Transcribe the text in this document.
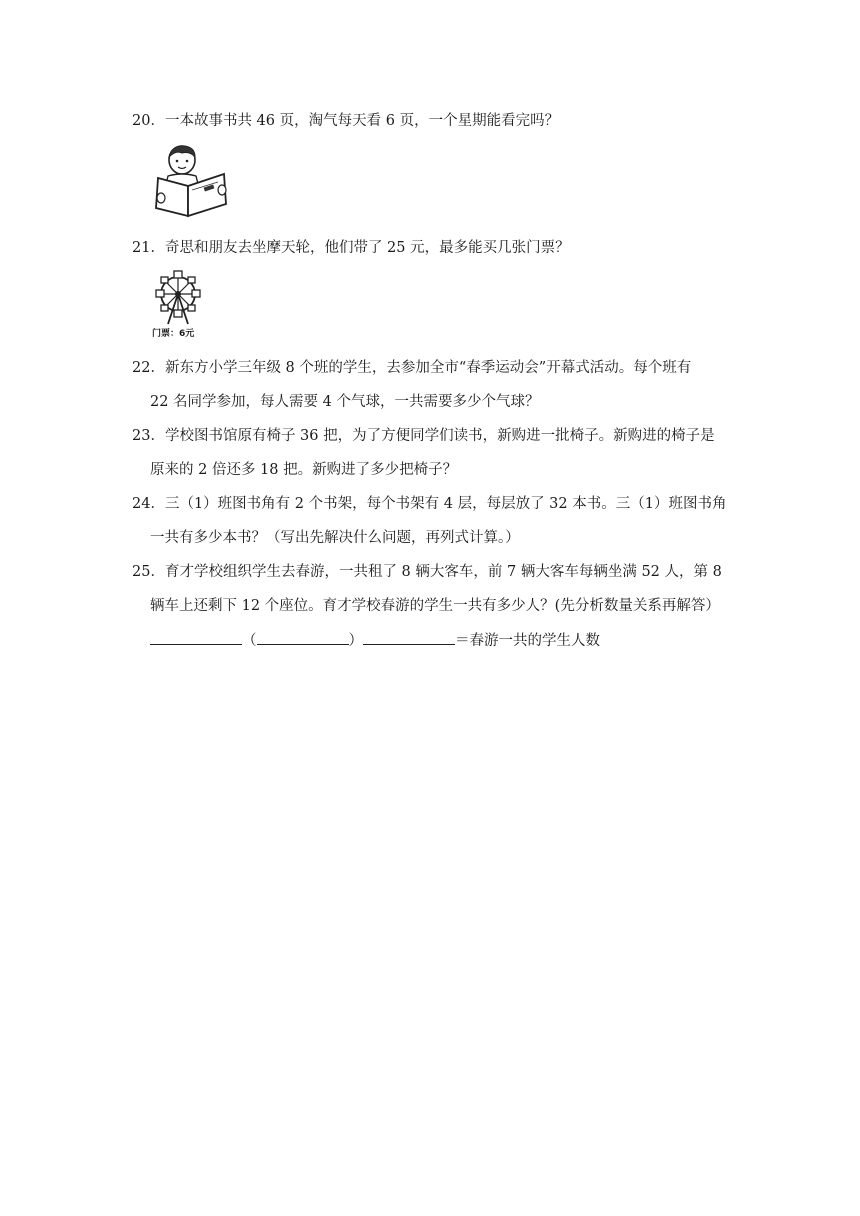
20．一本故事书共 46 页，淘气每天看 6 页，一个星期能看完吗？
21．奇思和朋友去坐摩天轮，他们带了 25 元，最多能买几张门票？
门票：6元
22．新东方小学三年级 8 个班的学生，去参加全市“春季运动会”开幕式活动。每个班有
22 名同学参加，每人需要 4 个气球，一共需要多少个气球？
23．学校图书馆原有椅子 36 把，为了方便同学们读书，新购进一批椅子。新购进的椅子是
原来的 2 倍还多 18 把。新购进了多少把椅子？
24．三（1）班图书角有 2 个书架，每个书架有 4 层，每层放了 32 本书。三（1）班图书角
一共有多少本书？（写出先解决什么问题，再列式计算。）
25．育才学校组织学生去春游，一共租了 8 辆大客车，前 7 辆大客车每辆坐满 52 人，第 8
辆车上还剩下 12 个座位。育才学校春游的学生一共有多少人？(先分析数量关系再解答）
（	）	＝春游一共的学生人数
